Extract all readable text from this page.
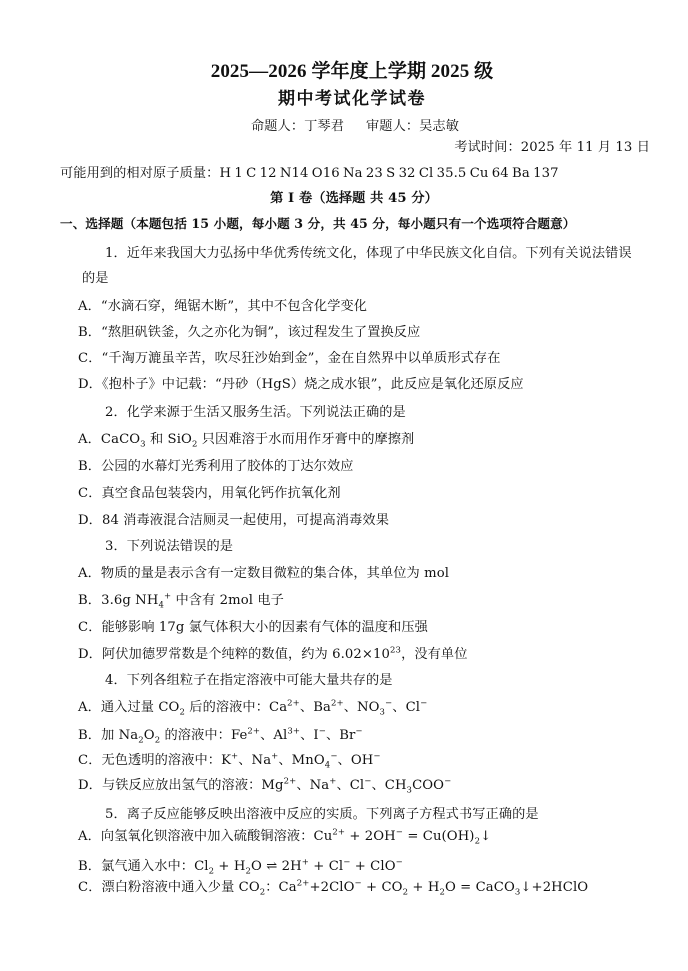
2025—2026 学年度上学期 2025 级
期中考试化学试卷
命题人：丁琴君 审题人：吴志敏
考试时间：2025 年 11 月 13 日
可能用到的相对原子质量：H 1 C 12 N14 O16 Na 23 S 32 Cl 35.5 Cu 64 Ba 137
第 I 卷（选择题 共 45 分）
一、选择题（本题包括 15 小题，每小题 3 分，共 45 分，每小题只有一个选项符合题意）
1．近年来我国大力弘扬中华优秀传统文化，体现了中华民族文化自信。下列有关说法错误
的是
A．“水滴石穿，绳锯木断”，其中不包含化学变化
B．“熬胆矾铁釜，久之亦化为铜”，该过程发生了置换反应
C．“千淘万漉虽辛苦，吹尽狂沙始到金”，金在自然界中以单质形式存在
D．《抱朴子》中记载：“丹砂（HgS）烧之成水银”，此反应是氧化还原反应
2．化学来源于生活又服务生活。下列说法正确的是
A．CaCO$_3$ 和 SiO$_2$ 只因难溶于水而用作牙膏中的摩擦剂
B．公园的水幕灯光秀利用了胶体的丁达尔效应
C．真空食品包装袋内，用氧化钙作抗氧化剂
D．84 消毒液混合洁厕灵一起使用，可提高消毒效果
3．下列说法错误的是
A．物质的量是表示含有一定数目微粒的集合体，其单位为 mol
B．3.6g $NH_4^+$ 中含有 2mol 电子
C．能够影响 17g 氯气体积大小的因素有气体的温度和压强
D．阿伏加德罗常数是个纯粹的数值，约为 $6.02\times 10^{23}$，没有单位
4．下列各组粒子在指定溶液中可能大量共存的是
A．通入过量 $CO_2$ 后的溶液中：$Ca^{2+}$、$Ba^{2+}$、$NO_3^-$、Cl−
B．加 $Na_2O_2$ 的溶液中：$Fe^{2+}$、$Al^{3+}$、I−、Br−
C．无色透明的溶液中：K+、Na+、MnO$_4$−、OH−
D．与铁反应放出氢气的溶液：$Mg^{2+}$、Na+、Cl−、$CH_3COO^-$
5．离子反应能够反映出溶液中反应的实质。下列离子方程式书写正确的是
A．向氢氧化钡溶液中加入硫酸铜溶液：$Cu^{2+} + 2OH^-$ = $Cu(OH)_2↓$
B．氯气通入水中：$Cl_2 + H_2O$ ⇌ 2H+ + Cl− + ClO−
C．漂白粉溶液中通入少量 $CO_2$：$Ca^{2+}+2ClO^- + CO_2 + H_2O$ = CaCO$_3$↓+2HClO
